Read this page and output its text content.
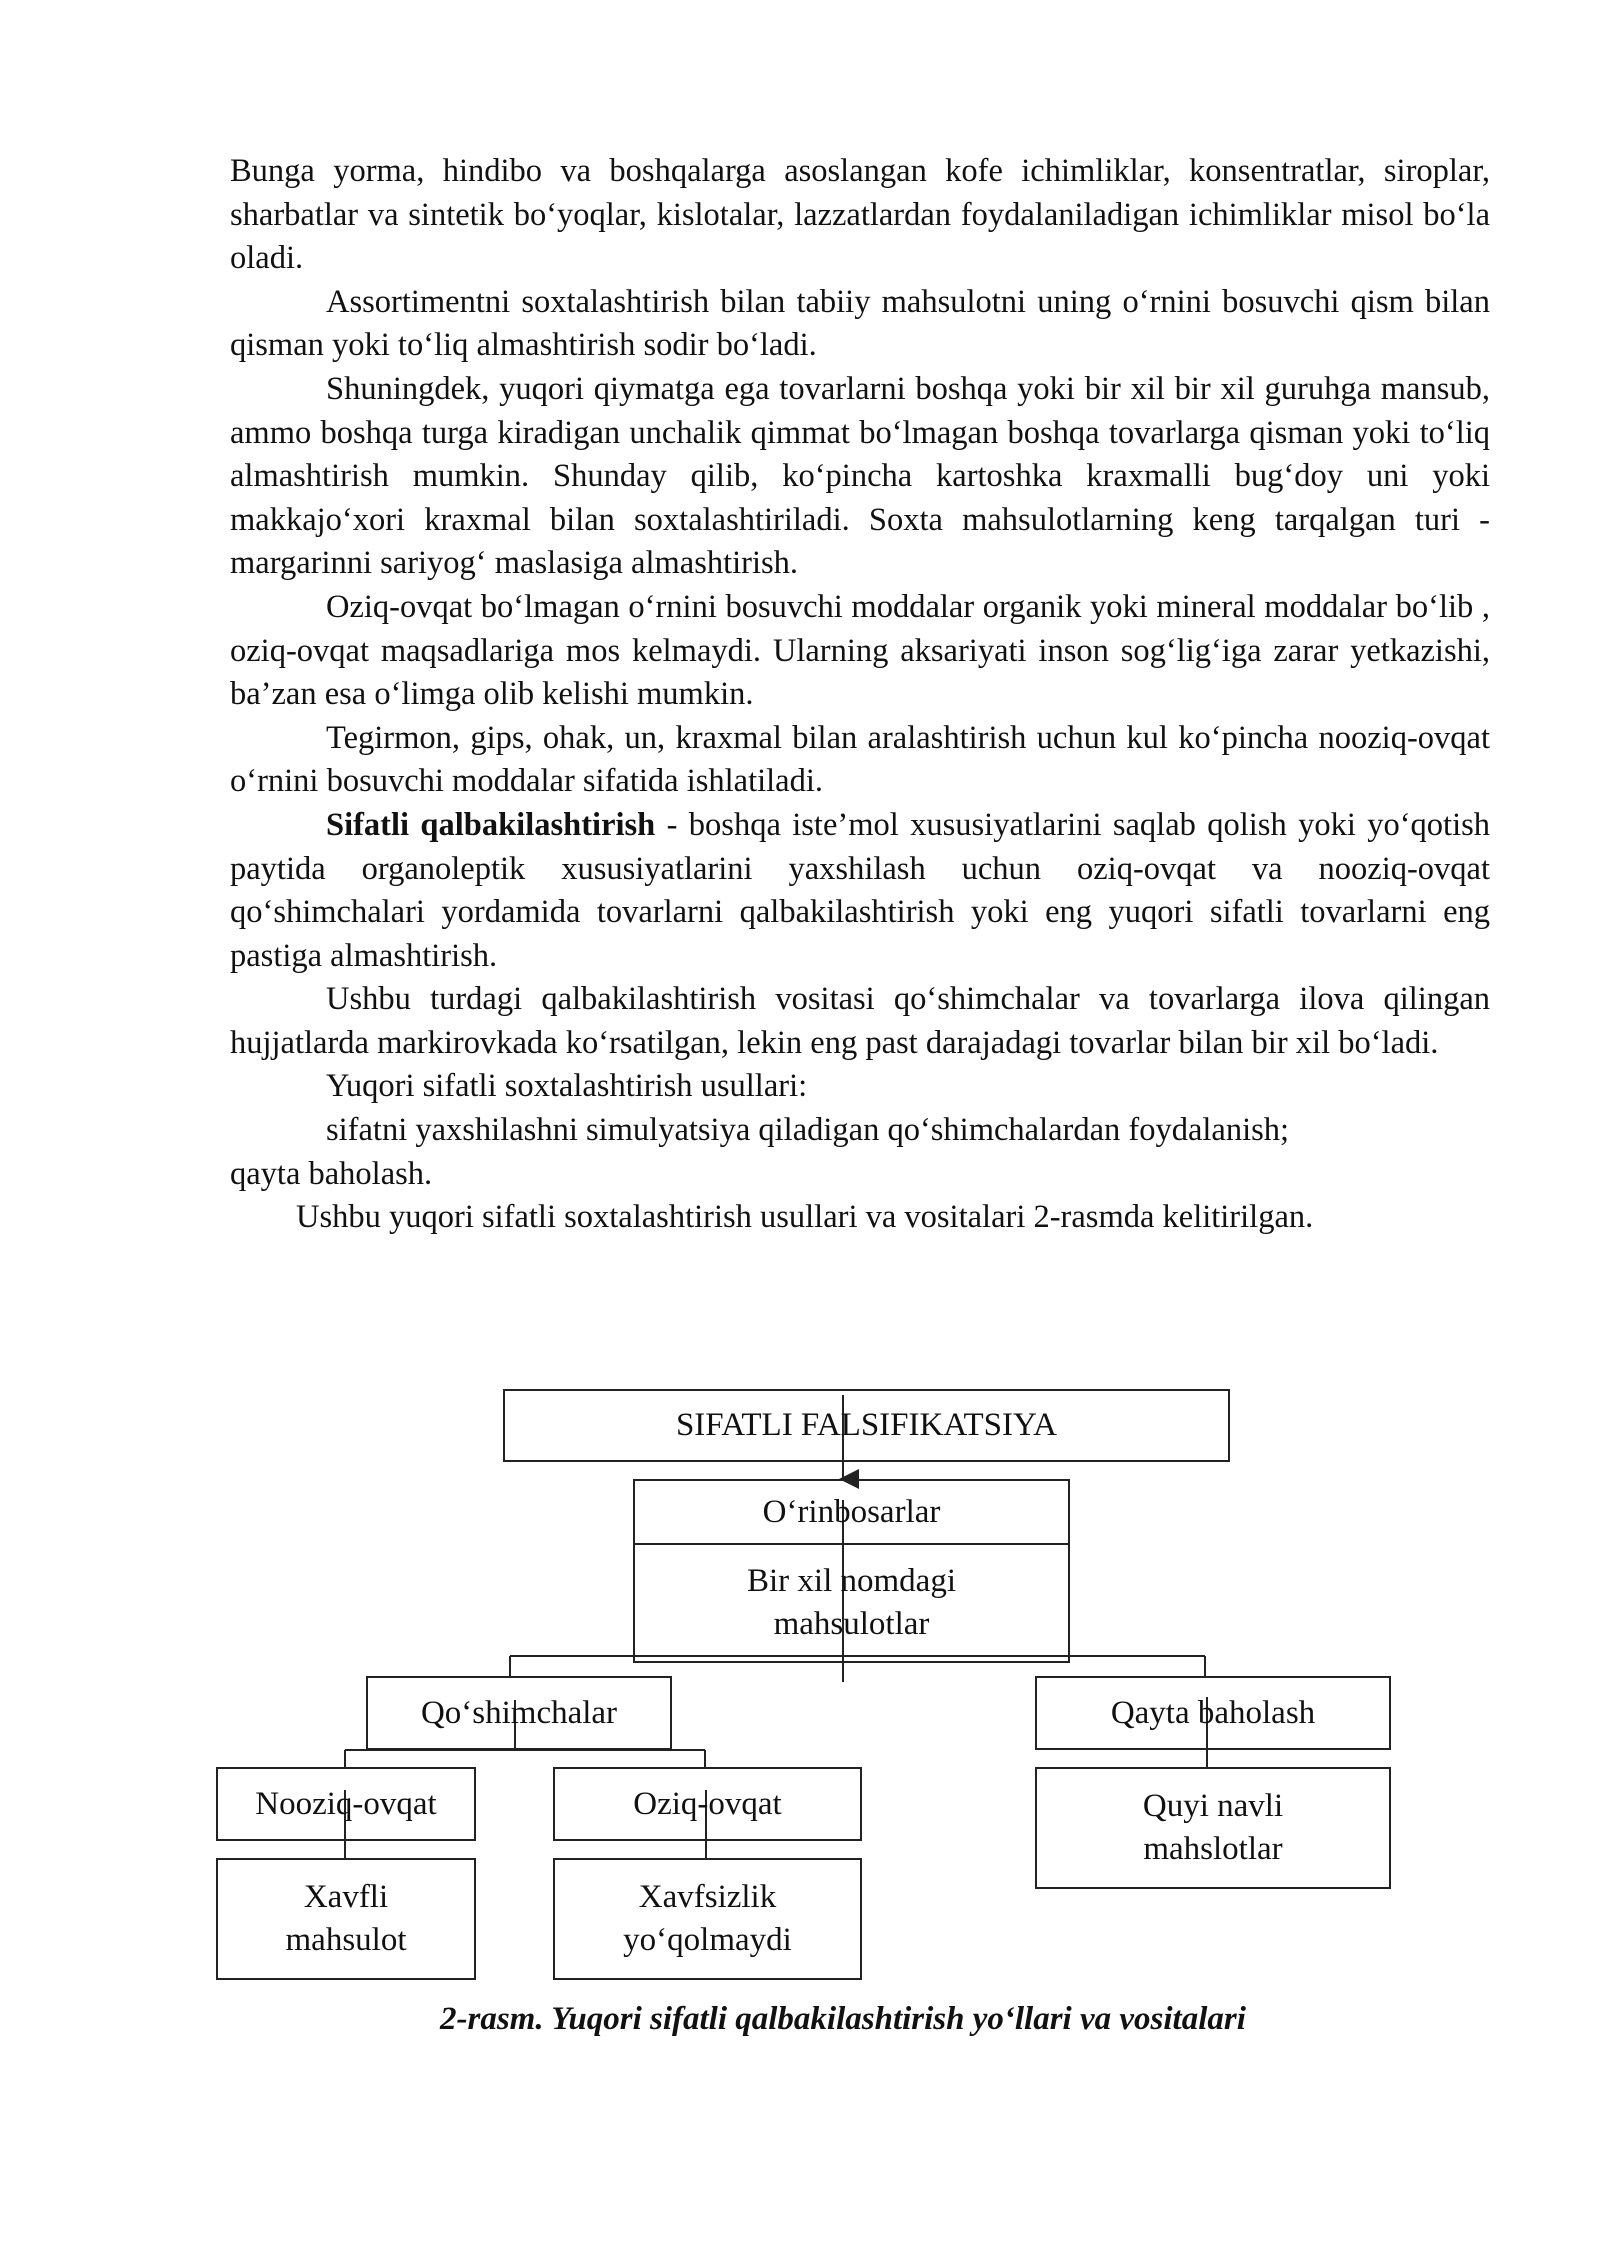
Bunga yorma, hindibo va boshqalarga asoslangan kofe ichimliklar, konsentratlar, siroplar, sharbatlar va sintetik bo‘yoqlar, kislotalar, lazzatlardan foydalaniladigan ichimliklar misol bo‘la oladi.

Assortimentni soxtalashtirish bilan tabiiy mahsulotni uning o‘rnini bosuvchi qism bilan qisman yoki to‘liq almashtirish sodir bo‘ladi.

Shuningdek, yuqori qiymatga ega tovarlarni boshqa yoki bir xil bir xil guruhga mansub, ammo boshqa turga kiradigan unchalik qimmat bo‘lmagan boshqa tovarlarga qisman yoki to‘liq almashtirish mumkin. Shunday qilib, ko‘pincha kartoshka kraxmalli bug‘doy uni yoki makkajo‘xori kraxmal bilan soxtalashtiriladi. Soxta mahsulotlarning keng tarqalgan turi - margarinni sariyog‘ maslasiga almashtirish.

Oziq-ovqat bo‘lmagan o‘rnini bosuvchi moddalar organik yoki mineral moddalar bo‘lib , oziq-ovqat maqsadlariga mos kelmaydi. Ularning aksariyati inson sog‘lig‘iga zarar yetkazishi, ba’zan esa o‘limga olib kelishi mumkin.

Tegirmon, gips, ohak, un, kraxmal bilan aralashtirish uchun kul ko‘pincha nooziq-ovqat o‘rnini bosuvchi moddalar sifatida ishlatiladi.

Sifatli qalbakilashtirish - boshqa iste’mol xususiyatlarini saqlab qolish yoki yo‘qotish paytida organoleptik xususiyatlarini yaxshilash uchun oziq-ovqat va nooziq-ovqat qo‘shimchalari yordamida tovarlarni qalbakilashtirish yoki eng yuqori sifatli tovarlarni eng pastiga almashtirish.

Ushbu turdagi qalbakilashtirish vositasi qo‘shimchalar va tovarlarga ilova qilingan hujjatlarda markirovkada ko‘rsatilgan, lekin eng past darajadagi tovarlar bilan bir xil bo‘ladi.

Yuqori sifatli soxtalashtirish usullari:

sifatni yaxshilashni simulyatsiya qiladigan qo‘shimchalardan foydalanish;

qayta baholash.

Ushbu yuqori sifatli soxtalashtirish usullari va vositalari 2-rasmda kelitirilgan.

SIFATLI FALSIFIKATSIYA
O‘rinbosarlar
Bir xil nomdagi mahsulotlar
Qo‘shimchalar	Qayta baholash
Nooziq-ovqat	Oziq-ovqat	Quyi navli mahslotlar
Xavfli mahsulot
Xavfsizlik yo‘qolmaydi
2-rasm. Yuqori sifatli qalbakilashtirish yo‘llari va vositalari
